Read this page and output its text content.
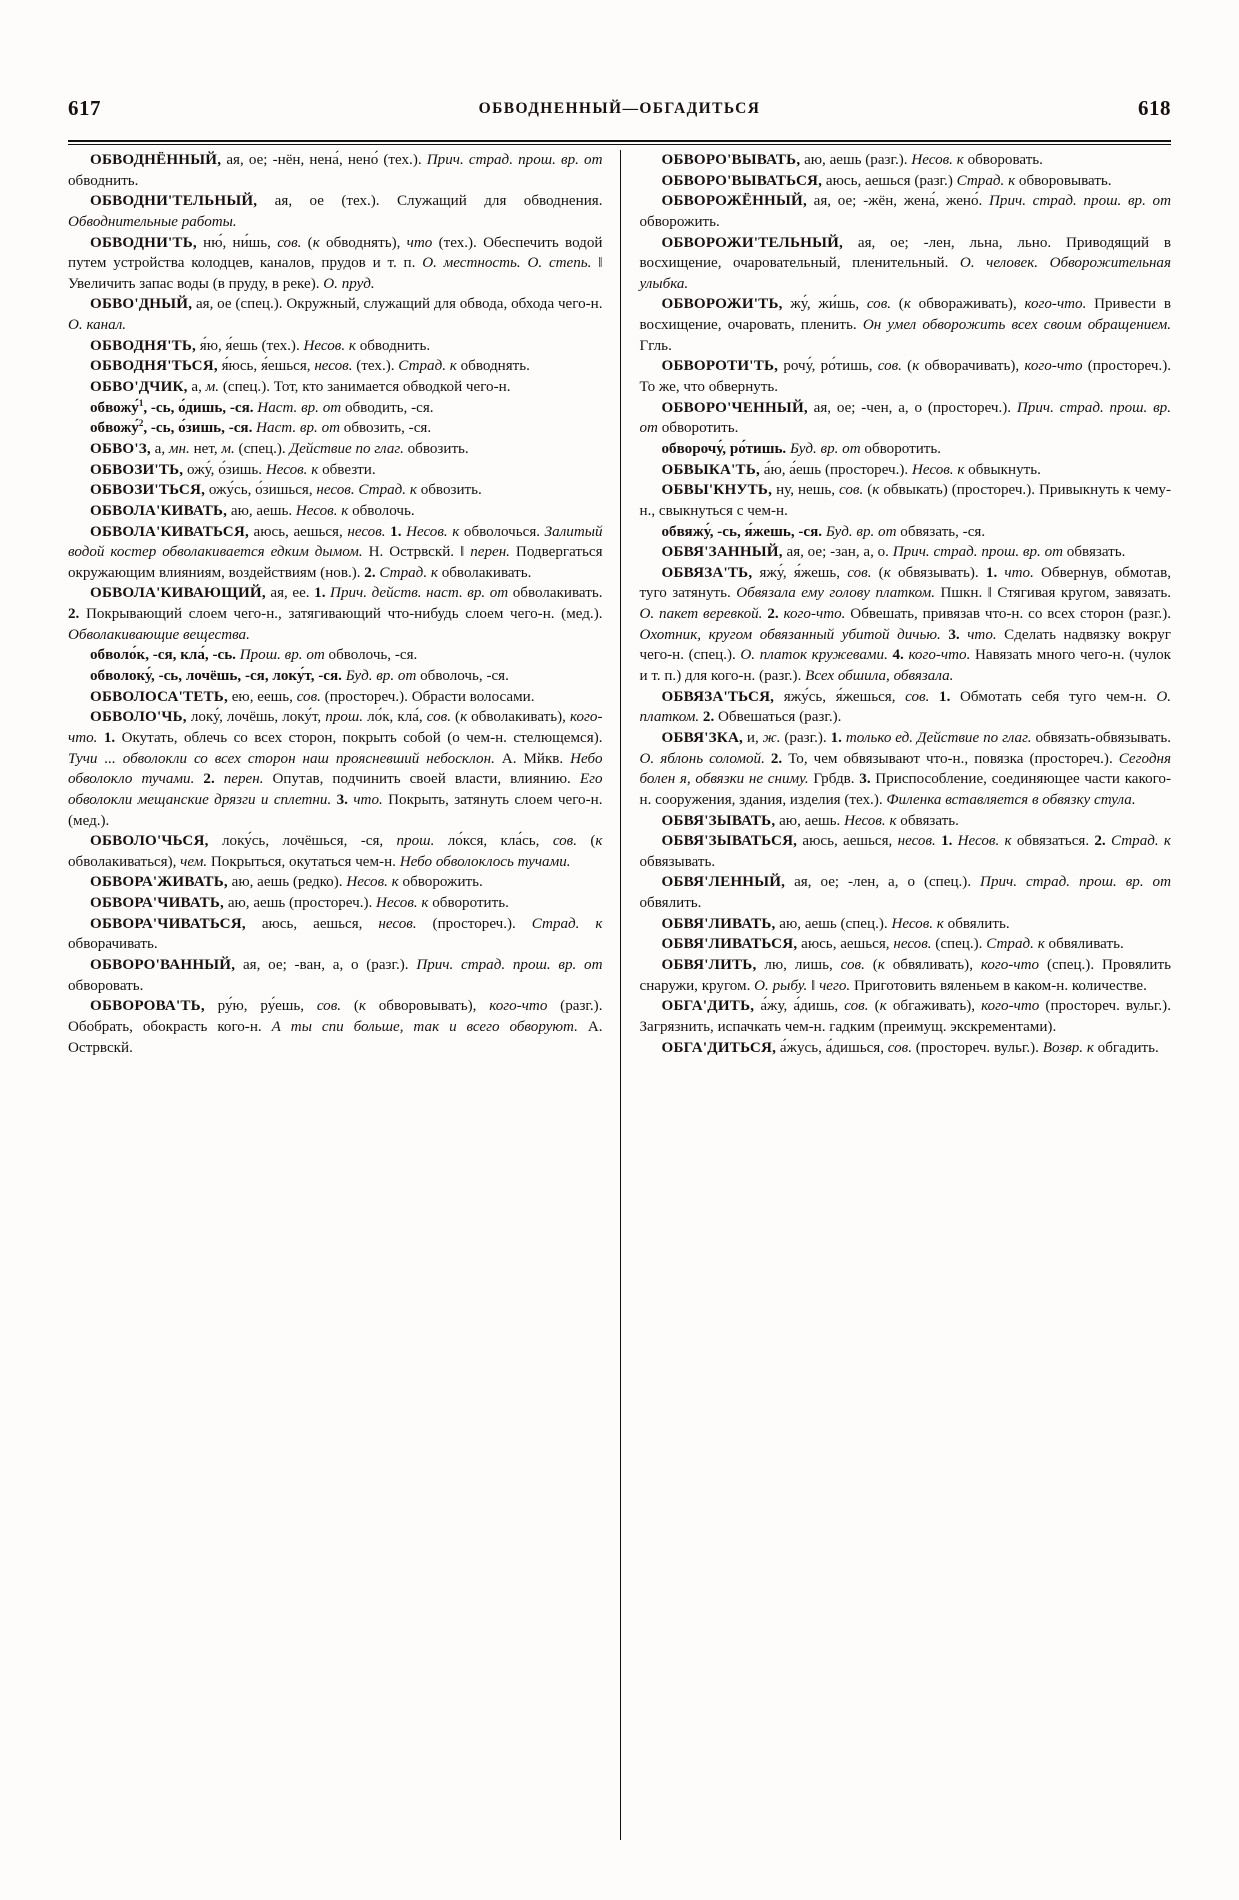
617	ОБВОДНЕННЫЙ—ОБГАДИТЬСЯ	618

ОБВОДНЁННЫЙ, ая, ое; -нён, нена́, нено́ (тех.). Прич. страд. прош. вр. от обводнить.

ОБВОДНИ'ТЕЛЬНЫЙ, ая, ое (тех.). Служащий для обводнения. Обводнительные работы.

ОБВОДНИ'ТЬ, ню́, ни́шь, сов. (к обводнять), что (тех.). Обеспечить водой путем устройства колодцев, каналов, прудов и т. п. О. местность. О. степь. ‖ Увеличить запас воды (в пруду, в реке). О. пруд.

ОБВО'ДНЫЙ, ая, ое (спец.). Окружный, служащий для обвода, обхода чего-н. О. канал.

ОБВОДНЯ'ТЬ, я́ю, я́ешь (тех.). Несов. к обводнить.

ОБВОДНЯ'ТЬСЯ, я́юсь, я́ешься, несов. (тех.). Страд. к обводнять.

ОБВО'ДЧИК, а, м. (спец.). Тот, кто занимается обводкой чего-н.

обвожу́$^1$, -сь, о́дишь, -ся. Наст. вр. от обводить, -ся.

обвожу́$^2$, -сь, о́зишь, -ся. Наст. вр. от обвозить, -ся.

ОБВО'З, а, мн. нет, м. (спец.). Действие по глаг. обвозить.

ОБВОЗИ'ТЬ, ожу́, о́зишь. Несов. к обвезти.

ОБВОЗИ'ТЬСЯ, ожу́сь, о́зишься, несов. Страд. к обвозить.

ОБВОЛА'КИВАТЬ, аю, аешь. Несов. к обволочь.

ОБВОЛА'КИВАТЬСЯ, аюсь, аешься, несов. 1. Несов. к обволочься. Залитый водой костер обволакивается едким дымом. Н. Острвскй. ‖ перен. Подвергаться окружающим влияниям, воздействиям (нов.). 2. Страд. к обволакивать.

ОБВОЛА'КИВАЮЩИЙ, ая, ее. 1. Прич. действ. наст. вр. от обволакивать. 2. Покрывающий слоем чего-н., затягивающий что-нибудь слоем чего-н. (мед.). Обволакивающие вещества.

обволо́к, -ся, кла́, -сь. Прош. вр. от обволочь, -ся.

обволоку́, -сь, лочёшь, -ся, локу́т, -ся. Буд. вр. от обволочь, -ся.

ОБВОЛОСА'ТЕТЬ, ею, еешь, сов. (простореч.). Обрасти волосами.

ОБВОЛО'ЧЬ, локу́, лочёшь, локу́т, прош. ло́к, кла́, сов. (к обволакивать), кого-что. 1. Окутать, облечь со всех сторон, покрыть собой (о чем-н. стелющемся). Тучи ... обволокли со всех сторон наш проясневший небосклон. А. Мйкв. Небо обволокло тучами. 2. перен. Опутав, подчинить своей власти, влиянию. Его обволокли мещанские дрязги и сплетни. 3. что. Покрыть, затянуть слоем чего-н. (мед.).

ОБВОЛО'ЧЬСЯ, локу́сь, лочёшься, -ся, прош. ло́кся, кла́сь, сов. (к обволакиваться), чем. Покрыться, окутаться чем-н. Небо обволоклось тучами.

ОБВОРА'ЖИВАТЬ, аю, аешь (редко). Несов. к обворожить.

ОБВОРА'ЧИВАТЬ, аю, аешь (простореч.). Несов. к обворотить.

ОБВОРА'ЧИВАТЬСЯ, аюсь, аешься, несов. (простореч.). Страд. к обворачивать.

ОБВОРО'ВАННЫЙ, ая, ое; -ван, а, о (разг.). Прич. страд. прош. вр. от обворовать.

ОБВОРОВА'ТЬ, ру́ю, ру́ешь, сов. (к обворовывать), кого-что (разг.). Обобрать, обокрасть кого-н. А ты спи больше, так и всего обворуют. А. Острвскй.

ОБВОРО'ВЫВАТЬ, аю, аешь (разг.). Несов. к обворовать.

ОБВОРО'ВЫВАТЬСЯ, аюсь, аешься (разг.) Страд. к обворовывать.

ОБВОРОЖЁННЫЙ, ая, ое; -жён, жена́, жено́. Прич. страд. прош. вр. от обворожить.

ОБВОРОЖИ'ТЕЛЬНЫЙ, ая, ое; -лен, льна, льно. Приводящий в восхищение, очаровательный, пленительный. О. человек. Обворожительная улыбка.

ОБВОРОЖИ'ТЬ, жу́, жи́шь, сов. (к обвораживать), кого-что. Привести в восхищение, очаровать, пленить. Он умел обворожить всех своим обращением. Ггль.

ОБВОРОТИ'ТЬ, рочу́, ро́тишь, сов. (к обворачивать), кого-что (простореч.). То же, что обвернуть.

ОБВОРО'ЧЕННЫЙ, ая, ое; -чен, а, о (простореч.). Прич. страд. прош. вр. от обворотить.

обворочу́, ро́тишь. Буд. вр. от обворотить.

ОБВЫКА'ТЬ, а́ю, а́ешь (простореч.). Несов. к обвыкнуть.

ОБВЫ'КНУТЬ, ну, нешь, сов. (к обвыкать) (простореч.). Привыкнуть к чему-н., свыкнуться с чем-н.

обвяжу́, -сь, я́жешь, -ся. Буд. вр. от обвязать, -ся.

ОБВЯ'ЗАННЫЙ, ая, ое; -зан, а, о. Прич. страд. прош. вр. от обвязать.

ОБВЯЗА'ТЬ, яжу́, я́жешь, сов. (к обвязывать). 1. что. Обвернув, обмотав, туго затянуть. Обвязала ему голову платком. Пшкн. ‖ Стягивая кругом, завязать. О. пакет веревкой. 2. кого-что. Обвешать, привязав что-н. со всех сторон (разг.). Охотник, кругом обвязанный убитой дичью. 3. что. Сделать надвязку вокруг чего-н. (спец.). О. платок кружевами. 4. кого-что. Навязать много чего-н. (чулок и т. п.) для кого-н. (разг.). Всех обшила, обвязала.

ОБВЯЗА'ТЬСЯ, яжу́сь, я́жешься, сов. 1. Обмотать себя туго чем-н. О. платком. 2. Обвешаться (разг.).

ОБВЯ'ЗКА, и, ж. (разг.). 1. только ед. Действие по глаг. обвязать-обвязывать. О. яблонь соломой. 2. То, чем обвязывают что-н., повязка (простореч.). Сегодня болен я, обвязки не сниму. Грбдв. 3. Приспособление, соединяющее части какого-н. сооружения, здания, изделия (тех.). Филенка вставляется в обвязку стула.

ОБВЯ'ЗЫВАТЬ, аю, аешь. Несов. к обвязать.

ОБВЯ'ЗЫВАТЬСЯ, аюсь, аешься, несов. 1. Несов. к обвязаться. 2. Страд. к обвязывать.

ОБВЯ'ЛЕННЫЙ, ая, ое; -лен, а, о (спец.). Прич. страд. прош. вр. от обвялить.

ОБВЯ'ЛИВАТЬ, аю, аешь (спец.). Несов. к обвялить.

ОБВЯ'ЛИВАТЬСЯ, аюсь, аешься, несов. (спец.). Страд. к обвяливать.

ОБВЯ'ЛИТЬ, лю, лишь, сов. (к обвяливать), кого-что (спец.). Провялить снаружи, кругом. О. рыбу. ‖ чего. Приготовить вяленьем в каком-н. количестве.

ОБГА'ДИТЬ, а́жу, а́дишь, сов. (к обгаживать), кого-что (простореч. вульг.). Загрязнить, испачкать чем-н. гадким (преимущ. экскрементами).

ОБГА'ДИТЬСЯ, а́жусь, а́дишься, сов. (простореч. вульг.). Возвр. к обгадить.
